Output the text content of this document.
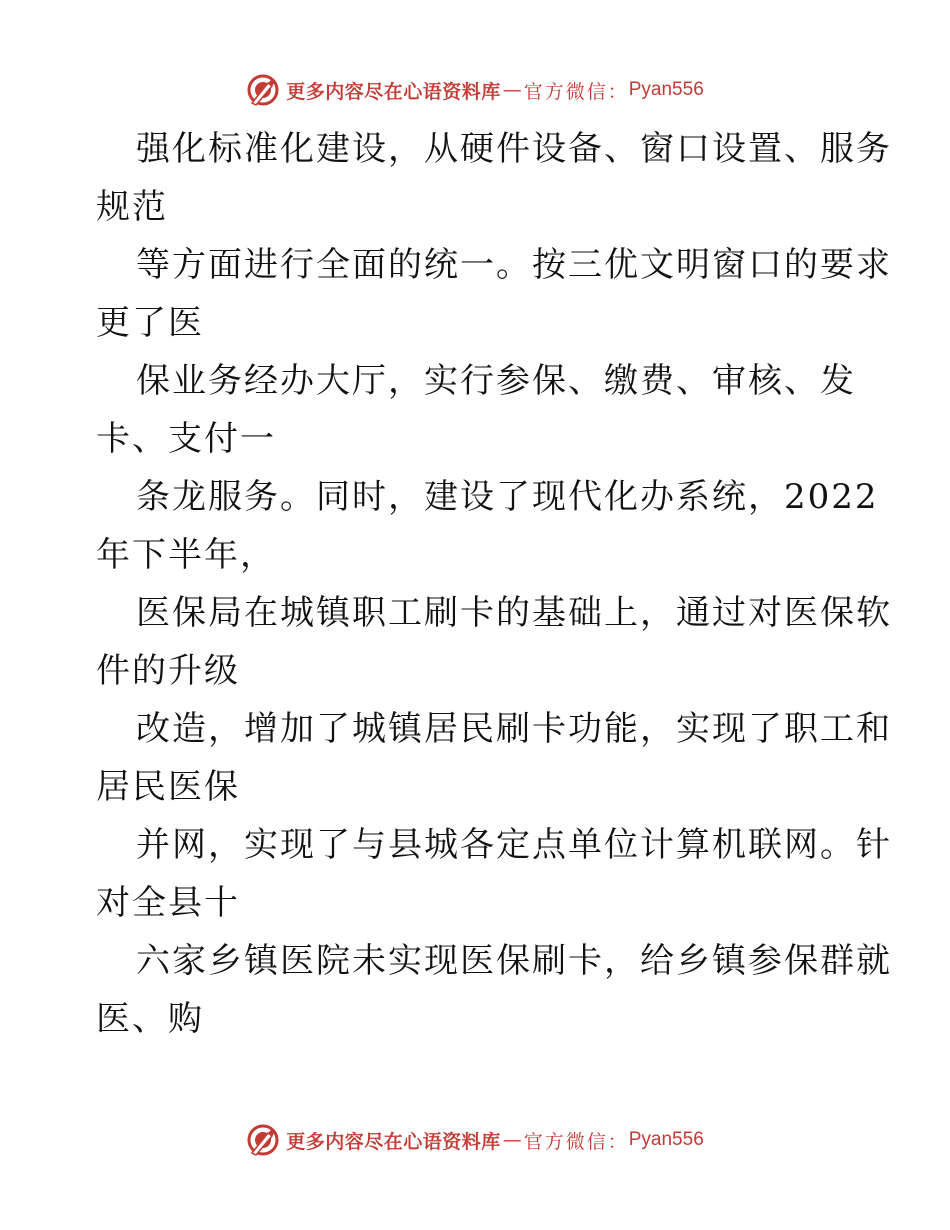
更多内容尽在心语资料库 — 官方微信： Pyan556

强化标准化建设，从硬件设备、窗口设置、服务
规范

等方面进行全面的统一。按三优文明窗口的要求
更了医

保业务经办大厅，实行参保、缴费、审核、发
卡、支付一

条龙服务。同时，建设了现代化办系统，2022
年下半年，

医保局在城镇职工刷卡的基础上，通过对医保软
件的升级

改造，增加了城镇居民刷卡功能，实现了职工和
居民医保

并网，实现了与县城各定点单位计算机联网。针
对全县十

六家乡镇医院未实现医保刷卡，给乡镇参保群就
医、购

更多内容尽在心语资料库 — 官方微信： Pyan556
